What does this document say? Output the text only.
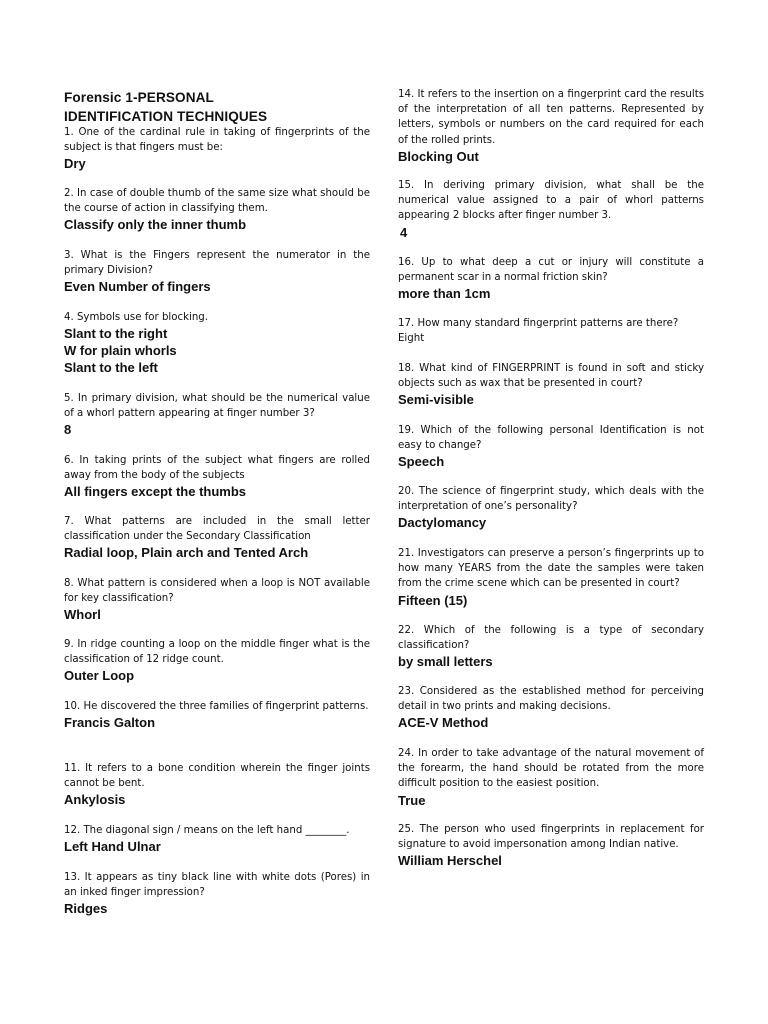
Forensic 1-PERSONAL
IDENTIFICATION TECHNIQUES

1. One of the cardinal rule in taking of fingerprints of the subject is that fingers must be:

Dry

2. In case of double thumb of the same size what should be the course of action in classifying them.

Classify only the inner thumb

3. What is the Fingers represent the numerator in the primary Division?

Even Number of fingers

4. Symbols use for blocking.

Slant to the right

W for plain whorls

Slant to the left

5. In primary division, what should be the numerical value of a whorl pattern appearing at finger number 3?

8

6. In taking prints of the subject what fingers are rolled away from the body of the subjects

All fingers except the thumbs

7. What patterns are included in the small letter classification under the Secondary Classification

Radial loop, Plain arch and Tented Arch

8. What pattern is considered when a loop is NOT available for key classification?

Whorl

9. In ridge counting a loop on the middle finger what is the classification of 12 ridge count.

Outer Loop

10. He discovered the three families of fingerprint patterns.

Francis Galton

11. It refers to a bone condition wherein the finger joints cannot be bent.

Ankylosis

12. The diagonal sign / means on the left hand ________.

Left Hand Ulnar

13. It appears as tiny black line with white dots (Pores) in an inked finger impression?

Ridges

14. It refers to the insertion on a fingerprint card the results of the interpretation of all ten patterns. Represented by letters, symbols or numbers on the card required for each of the rolled prints.

Blocking Out

15. In deriving primary division, what shall be the numerical value assigned to a pair of whorl patterns appearing 2 blocks after finger number 3.

4

16. Up to what deep a cut or injury will constitute a permanent scar in a normal friction skin?

more than 1cm

17. How many standard fingerprint patterns are there?

Eight

18. What kind of FINGERPRINT is found in soft and sticky objects such as wax that be presented in court?

Semi-visible

19. Which of the following personal Identification is not easy to change?

Speech

20. The science of fingerprint study, which deals with the interpretation of one’s personality?

Dactylomancy

21. Investigators can preserve a person’s fingerprints up to how many YEARS from the date the samples were taken from the crime scene which can be presented in court?

Fifteen (15)

22. Which of the following is a type of secondary classification?

by small letters

23. Considered as the established method for perceiving detail in two prints and making decisions.

ACE-V Method

24. In order to take advantage of the natural movement of the forearm, the hand should be rotated from the more difficult position to the easiest position.

True

25. The person who used fingerprints in replacement for signature to avoid impersonation among Indian native.

William Herschel
